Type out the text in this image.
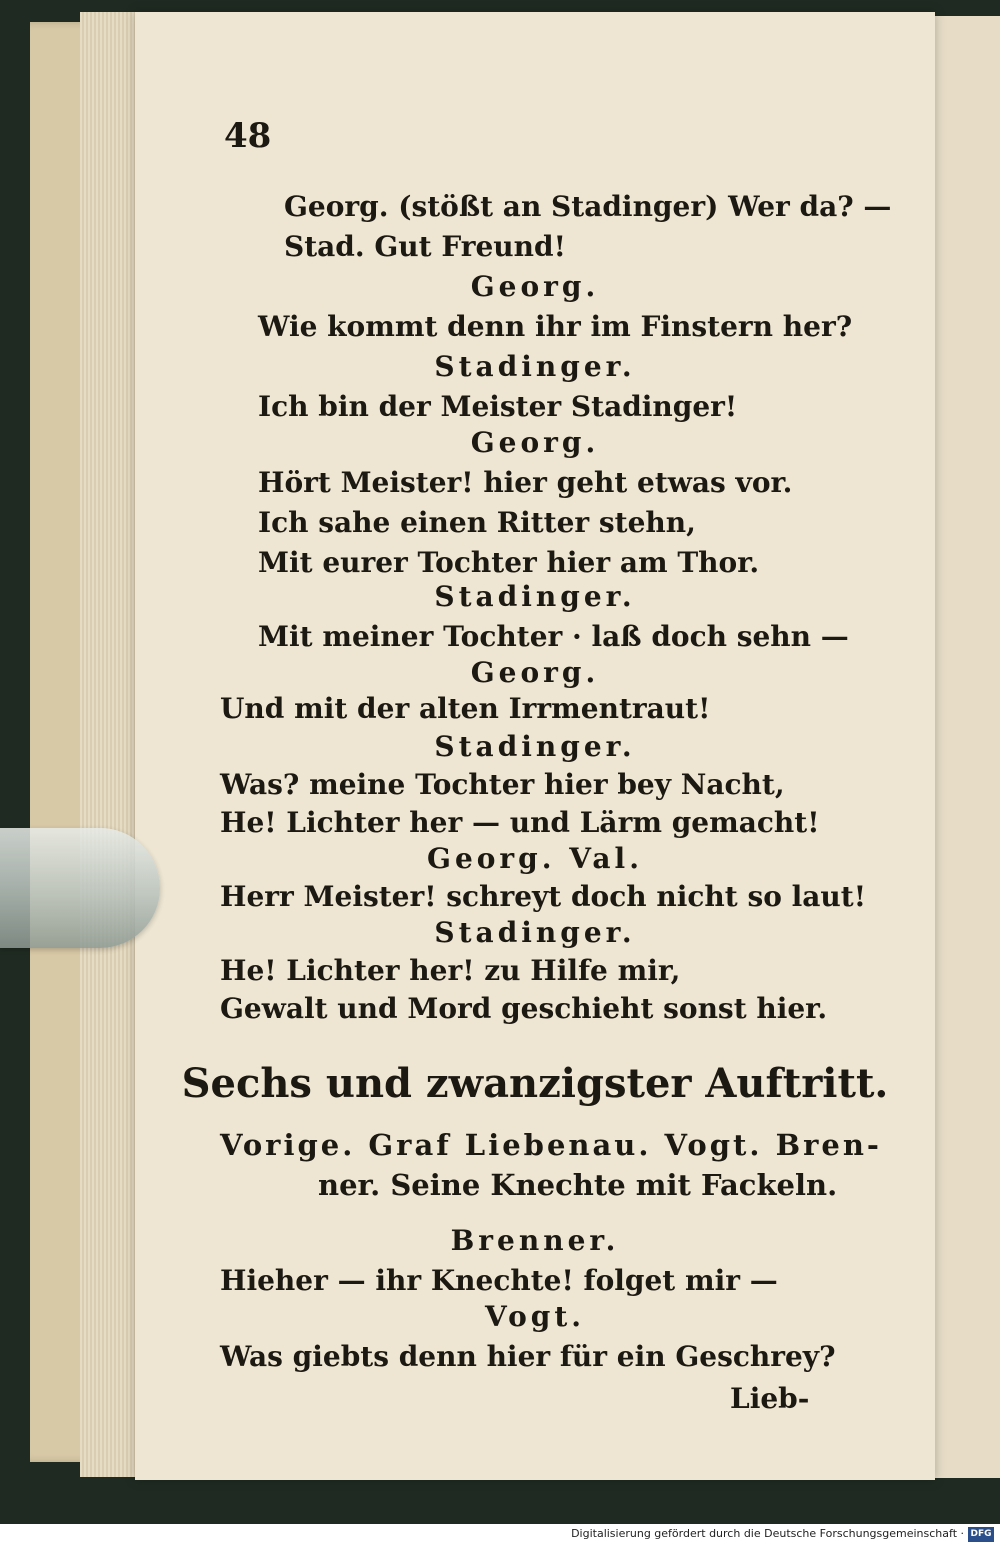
48
Georg. (stößt an Stadinger) Wer da? —
Stad. Gut Freund!
Georg.
Wie kommt denn ihr im Finstern her?
Stadinger.
Ich bin der Meister Stadinger!
Georg.
Hört Meister! hier geht etwas vor.
Ich sahe einen Ritter stehn,
Mit eurer Tochter hier am Thor.
Stadinger.
Mit meiner Tochter · laß doch sehn —
Georg.
Und mit der alten Irrmentraut!
Stadinger.
Was? meine Tochter hier bey Nacht,
He! Lichter her — und Lärm gemacht!
Georg. Val.
Herr Meister! schreyt doch nicht so laut!
Stadinger.
He! Lichter her! zu Hilfe mir,
Gewalt und Mord geschieht sonst hier.
Sechs und zwanzigster Auftritt.
Vorige. Graf Liebenau. Vogt. Bren-
ner. Seine Knechte mit Fackeln.
Brenner.
Hieher — ihr Knechte! folget mir —
Vogt.
Was giebts denn hier für ein Geschrey?
Lieb-
Digitalisierung gefördert durch die Deutsche Forschungsgemeinschaft · DFG
